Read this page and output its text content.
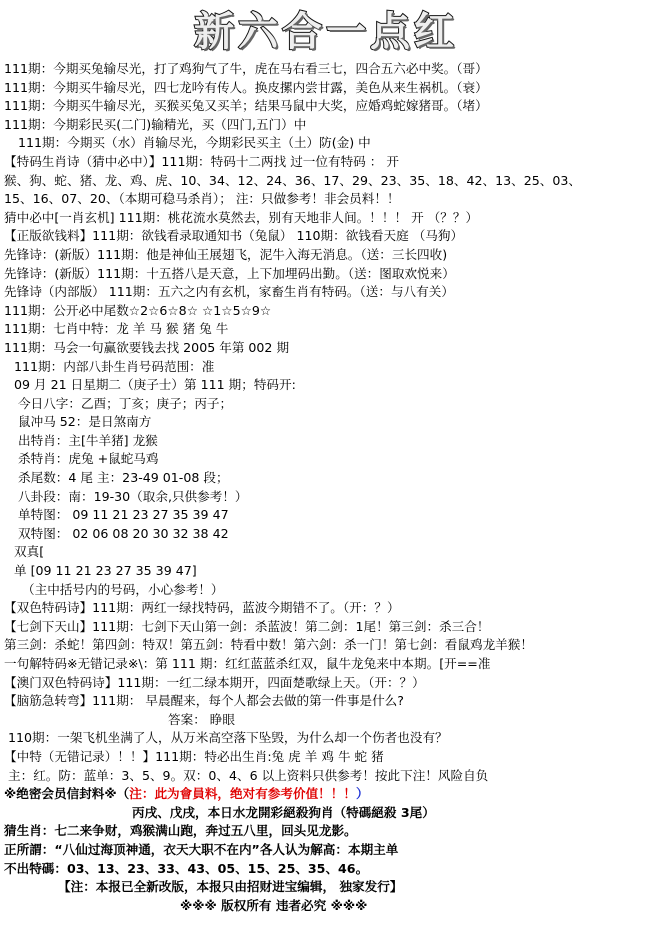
新六合一点红
111期：今期买兔输尽光，打了鸡狗气了牛，虎在马右看三七，四合五六必中奖。（哥）
111期：今期买牛输尽光，四七龙吟有传人。换皮摞内尝甘露，美色从来生祸机。（衰）
111期：今期买牛输尽光，买猴买兔又买羊；结果马鼠中大奖，应婚鸡蛇嫁猪哥。（堵）
111期：今期彩民买(二门)输精光，买（四门,五门）中
111期：今期买（水）肖输尽光，今期彩民买主（土）防(金) 中
【特码生肖诗（猜中必中）】111期：特码十二两找 过一位有特码 ： 开
猴、狗、蛇、猪、龙、鸡、虎、10、34、12、24、36、17、29、23、35、18、42、13、25、03、
15、16、07、20、（本期可稳马杀肖）； 注：只做参考！非会员料！！
猜中必中[一肖玄机] 111期：桃花流水莫然去，别有天地非人间。！！！ 开 （？？）
【正版欲钱料】111期：欲钱看录取通知书（兔鼠） 110期：欲钱看天庭 （马狗）
先锋诗：(新版）111期：他是神仙王展翅飞，泥牛入海无消息。（送：三长四收)
先锋诗：(新版）111期：十五搭八是天意，上下加埋码出勤。（送：图取欢悦来）
先锋诗（内部版） 111期：五六之内有玄机，家畜生肖有特码。（送：与八有关）
111期：公开必中尾数☆2☆6☆8☆ ☆1☆5☆9☆
111期：七肖中特：龙 羊 马 猴 猪 兔 牛
111期：马会一句赢欲要钱去找 2005 年第 002 期
111期：内部八卦生肖号码范围：准
09 月 21 日星期二（庚子士）第 111 期；特码开:
今日八字：乙酉；丁亥；庚子；丙子；
鼠冲马 52：是日煞南方
出特肖：主[牛羊猪] 龙猴
杀特肖：虎兔 +鼠蛇马鸡
杀尾数：4 尾 主：23-49 01-08 段；
八卦段：南：19-30（取余,只供参考！）
单特图： 09 11 21 23 27 35 39 47
双特图： 02 06 08 20 30 32 38 42
双真[
单 [09 11 21 23 27 35 39 47]
（主中括号内的号码，小心参考！）
【双色特码诗】111期：两红一绿找特码，蓝波今期错不了。（开：？）
【七剑下天山】111期：七剑下天山第一剑：杀蓝波！第二剑：1尾！第三剑：杀三合！
第三剑：杀蛇！第四剑：特双！第五剑：特看中数！第六剑：杀一门！第七剑：看鼠鸡龙羊猴！
一句解特码※无错记录※\：第 111 期：红红蓝蓝杀红双，鼠牛龙兔来中本期。[开==准
【澳门双色特码诗】111期：一红二绿本期开，四面楚歌绿上天。（开：？）
【脑筋急转弯】111期： 早晨醒来，每个人都会去做的第一件事是什么?
答案： 睁眼
110期：一架飞机坐满了人，从万米高空落下坠毁，为什么却一个伤者也没有？
【中特（无错记录）！！】111期：特必出生肖:兔 虎 羊 鸡 牛 蛇 猪
主：红。防：蓝单：3、5、9。双：0、4、6 以上资料只供参考！按此下注！风险自负
※绝密会员信封料※（注：此为會員料，绝对有参考价值！！！）
丙戌、戊戌，本日水龙開彩絕殺狗肖（特碼絕殺 3尾）
猜生肖：七二来争财，鸡猴满山跑，奔过五八里，回头见龙影。
正所謂：“八仙过海顶神通，衣天大职不在内”各人认为解高：本期主单
不出特碼：03、13、23、33、43、05、15、25、35、46。
【注：本报已全新改版，本报只由招财进宝编辑， 独家发行】
※※※ 版权所有 违者必究 ※※※
